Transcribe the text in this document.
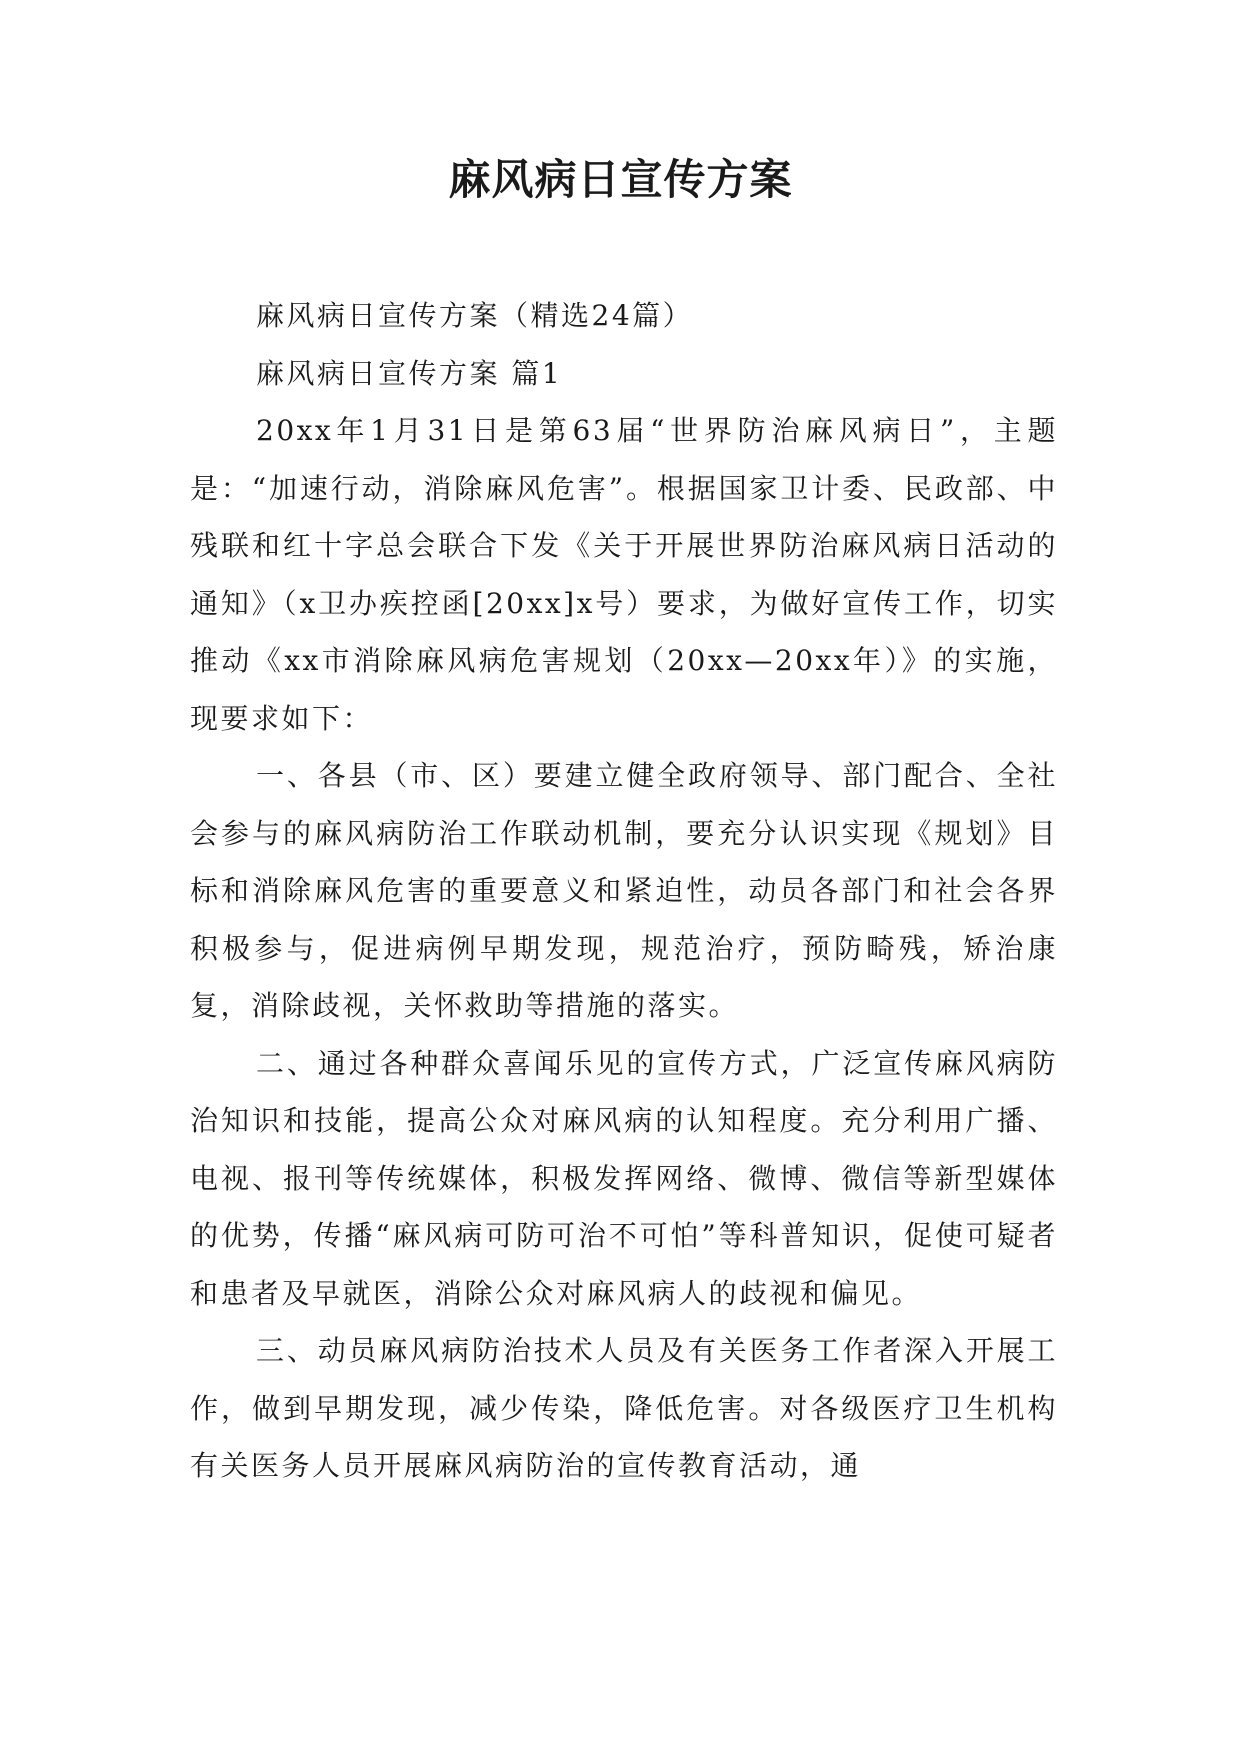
麻风病日宣传方案

麻风病日宣传方案（精选24篇）

麻风病日宣传方案 篇1

20xx年1月31日是第63届“世界防治麻风病日”，主题是：“加速行动，消除麻风危害”。根据国家卫计委、民政部、中残联和红十字总会联合下发《关于开展世界防治麻风病日活动的通知》（x卫办疾控函[20xx]x号）要求，为做好宣传工作，切实推动《xx市消除麻风病危害规划（20xx—20xx年）》的实施，现要求如下：

一、各县（市、区）要建立健全政府领导、部门配合、全社会参与的麻风病防治工作联动机制，要充分认识实现《规划》目标和消除麻风危害的重要意义和紧迫性，动员各部门和社会各界积极参与，促进病例早期发现，规范治疗，预防畸残，矫治康复，消除歧视，关怀救助等措施的落实。

二、通过各种群众喜闻乐见的宣传方式，广泛宣传麻风病防治知识和技能，提高公众对麻风病的认知程度。充分利用广播、电视、报刊等传统媒体，积极发挥网络、微博、微信等新型媒体的优势，传播“麻风病可防可治不可怕”等科普知识，促使可疑者和患者及早就医，消除公众对麻风病人的歧视和偏见。

三、动员麻风病防治技术人员及有关医务工作者深入开展工作，做到早期发现，减少传染，降低危害。对各级医疗卫生机构有关医务人员开展麻风病防治的宣传教育活动，通
